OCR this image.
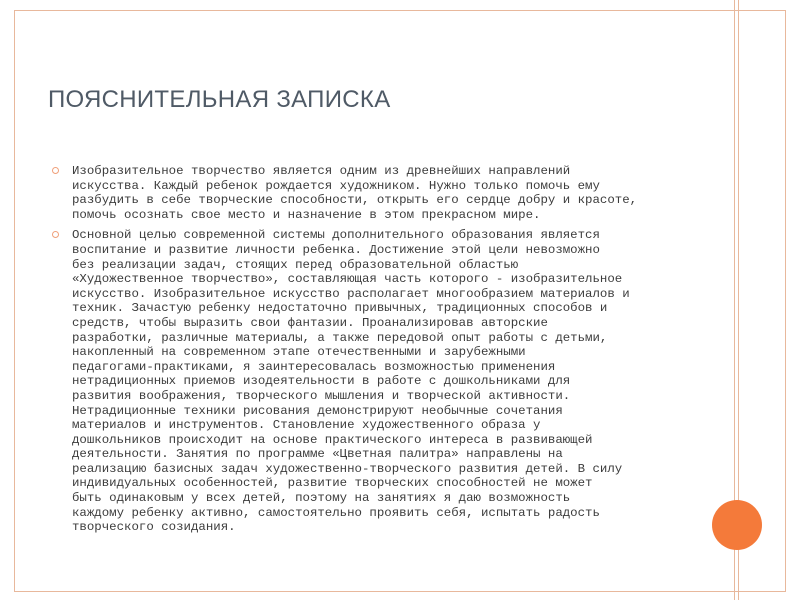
ПОЯСНИТЕЛЬНАЯ ЗАПИСКА
Изобразительное творчество является одним из древнейших направлений
искусства. Каждый ребенок рождается художником. Нужно только помочь ему
разбудить в себе творческие способности, открыть его сердце добру и красоте,
помочь осознать свое место и назначение в этом прекрасном мире.
Основной целью современной системы дополнительного образования является
воспитание и развитие личности ребенка. Достижение этой цели невозможно
без реализации задач, стоящих перед образовательной областью
«Художественное творчество», составляющая часть которого - изобразительное
искусство. Изобразительное искусство располагает многообразием материалов и
техник. Зачастую ребенку недостаточно привычных, традиционных способов и
средств, чтобы выразить свои фантазии. Проанализировав авторские
разработки, различные материалы, а также передовой опыт работы с детьми,
накопленный на современном этапе отечественными и зарубежными
педагогами-практиками, я заинтересовалась возможностью применения
нетрадиционных приемов изодеятельности в работе с дошкольниками для
развития воображения, творческого мышления и творческой активности.
Нетрадиционные техники рисования демонстрируют необычные сочетания
материалов и инструментов. Становление художественного образа у
дошкольников происходит на основе практического интереса в развивающей
деятельности. Занятия по программе «Цветная палитра» направлены на
реализацию базисных задач художественно-творческого развития детей. В силу
индивидуальных особенностей, развитие творческих способностей не может
быть одинаковым у всех детей, поэтому на занятиях я даю возможность
каждому ребенку активно, самостоятельно проявить себя, испытать радость
творческого созидания.
